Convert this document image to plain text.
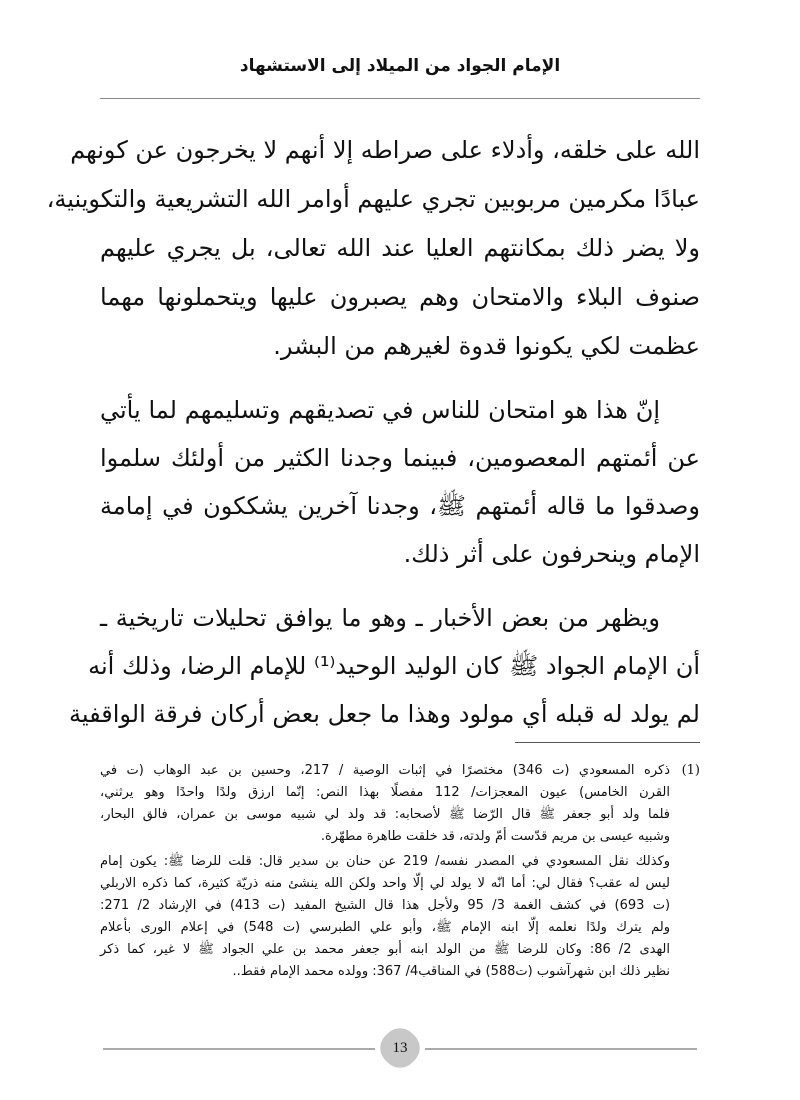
الإمام الجواد من الميلاد إلى الاستشهاد
الله على خلقه، وأدلاء على صراطه إلا أنهم لا يخرجون عن كونهم
عبادًا مكرمين مربوبين تجري عليهم أوامر الله التشريعية والتكوينية،
ولا يضر ذلك بمكانتهم العليا عند الله تعالى، بل يجري عليهم
صنوف البلاء والامتحان وهم يصبرون عليها ويتحملونها مهما
عظمت لكي يكونوا قدوة لغيرهم من البشر.
إنّ هذا هو امتحان للناس في تصديقهم وتسليمهم لما يأتي
عن أئمتهم المعصومين، فبينما وجدنا الكثير من أولئك سلموا
وصدقوا ما قاله أئمتهم ﷺ، وجدنا آخرين يشككون في إمامة
الإمام وينحرفون على أثر ذلك.
ويظهر من بعض الأخبار ـ وهو ما يوافق تحليلات تاريخية ـ
أن الإمام الجواد ﷺ كان الوليد الوحيد⁽¹⁾ للإمام الرضا، وذلك أنه
لم يولد له قبله أي مولود وهذا ما جعل بعض أركان فرقة الواقفية
(1)
ذكره المسعودي (ت 346) مختصرًا في إثبات الوصية / 217، وحسين بن عبد الوهاب (ت في
القرن الخامس) عيون المعجزات/ 112 مفصلًا بهذا النص: إنّما ارزق ولدًا واحدًا وهو يرثني،
فلما ولد أبو جعفر ﷺ قال الرّضا ﷺ لأصحابه: قد ولد لي شبيه موسى بن عمران، فالق البحار،
وشبيه عيسى بن مريم قدّست أمّ ولدته، قد خلقت طاهرة مطهّرة.
وكذلك نقل المسعودي في المصدر نفسه/ 219 عن حنان بن سدير قال: قلت للرضا ﷺ: يكون إمام
ليس له عقب؟ فقال لي: أما انّه لا يولد لي إلّا واحد ولكن الله ينشئ منه ذريّة كثيرة، كما ذكره الاربلي
(ت 693) في كشف الغمة 3/ 95 ولأجل هذا قال الشيخ المفيد (ت 413) في الإرشاد 2/ 271:
ولم يترك ولدًا نعلمه إلّا ابنه الإمام ﷺ، وأبو علي الطبرسي (ت 548) في إعلام الورى بأعلام
الهدى 2/ 86: وكان للرضا ﷺ من الولد ابنه أبو جعفر محمد بن علي الجواد ﷺ لا غير، كما ذكر
نظير ذلك ابن شهرآشوب (ت588) في المناقب4/ 367: وولده محمد الإمام فقط..
13
